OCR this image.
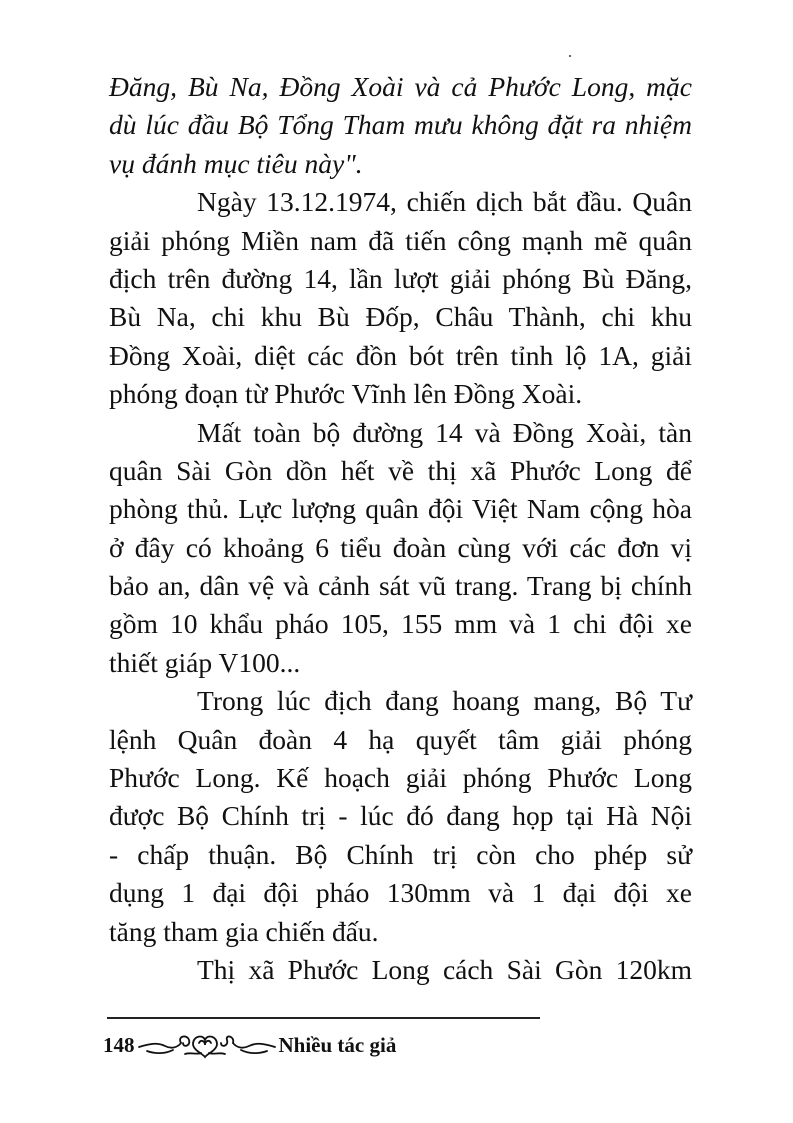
Đăng, Bù Na, Đồng Xoài và cả Phước Long, mặc
dù lúc đầu Bộ Tổng Tham mưu không đặt ra nhiệm
vụ đánh mục tiêu này".
Ngày 13.12.1974, chiến dịch bắt đầu. Quân
giải phóng Miền nam đã tiến công mạnh mẽ quân
địch trên đường 14, lần lượt giải phóng Bù Đăng,
Bù Na, chi khu Bù Đốp, Châu Thành, chi khu
Đồng Xoài, diệt các đồn bót trên tỉnh lộ 1A, giải
phóng đoạn từ Phước Vĩnh lên Đồng Xoài.
Mất toàn bộ đường 14 và Đồng Xoài, tàn
quân Sài Gòn dồn hết về thị xã Phước Long để
phòng thủ. Lực lượng quân đội Việt Nam cộng hòa
ở đây có khoảng 6 tiểu đoàn cùng với các đơn vị
bảo an, dân vệ và cảnh sát vũ trang. Trang bị chính
gồm 10 khẩu pháo 105, 155 mm và 1 chi đội xe
thiết giáp V100...
Trong lúc địch đang hoang mang, Bộ Tư
lệnh Quân đoàn 4 hạ quyết tâm giải phóng
Phước Long. Kế hoạch giải phóng Phước Long
được Bộ Chính trị - lúc đó đang họp tại Hà Nội
- chấp thuận. Bộ Chính trị còn cho phép sử
dụng 1 đại đội pháo 130mm và 1 đại đội xe
tăng tham gia chiến đấu.
Thị xã Phước Long cách Sài Gòn 120km
148	Nhiều tác giả
